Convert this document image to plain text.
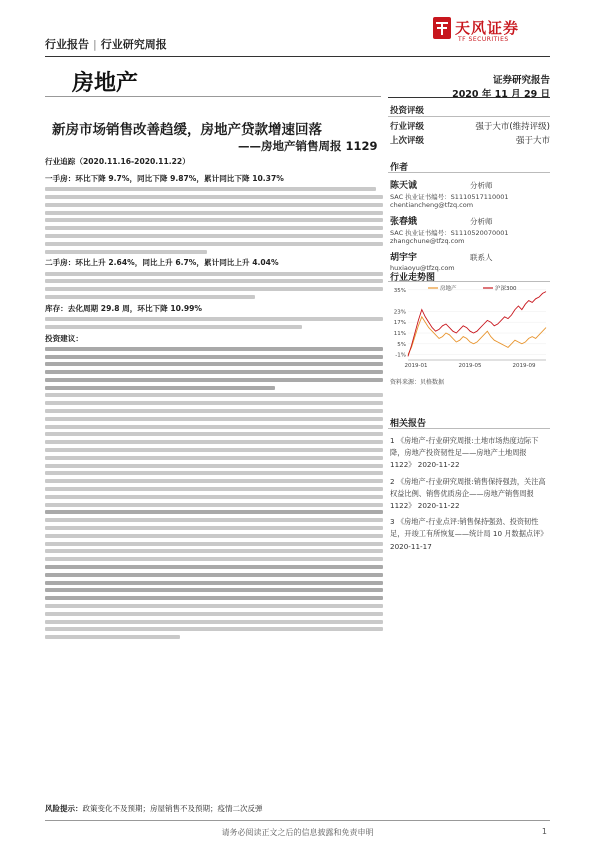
行业报告 | 行业研究周报
天风证券
TF SECURITIES
房地产	证券研究报告
2020 年 11 月 29 日
新房市场销售改善趋缓，房地产贷款增速回落
——房地产销售周报 1129
投资评级
行业评级	强于大市(维持评级)
上次评级	强于大市
作者
陈天诚	分析师
SAC 执业证书编号：S1110517110001
chentiancheng@tfzq.com
张春娥	分析师
SAC 执业证书编号：S1110520070001
zhangchune@tfzq.com
胡宇宇	联系人
huxiaoyu@tfzq.com
行业走势图
35%
23%
17%
11%
5%
-1%
2019-01	2019-05	2019-09
房地产	沪深300
资料来源：贝格数据
相关报告
1 《房地产-行业研究周报:土地市场热度边际下降，房地产投资韧性足——房地产土地周报 1122》 2020-11-22
2 《房地产-行业研究周报:销售保持强劲，关注高权益比例、销售优质房企——房地产销售周报 1122》 2020-11-22
3 《房地产-行业点评:销售保持强劲、投资韧性足，开竣工有所恢复——统计局 10 月数据点评》 2020-11-17
行业追踪（2020.11.16-2020.11.22）
一手房：环比下降 9.7%，同比下降 9.87%，累计同比下降 10.37%
二手房：环比上升 2.64%，同比上升 6.7%，累计同比上升 4.04%
库存：去化周期 29.8 周，环比下降 10.99%
投资建议：
风险提示：政策变化不及预期；房屋销售不及预期；疫情二次反弹
请务必阅读正文之后的信息披露和免责申明	1
